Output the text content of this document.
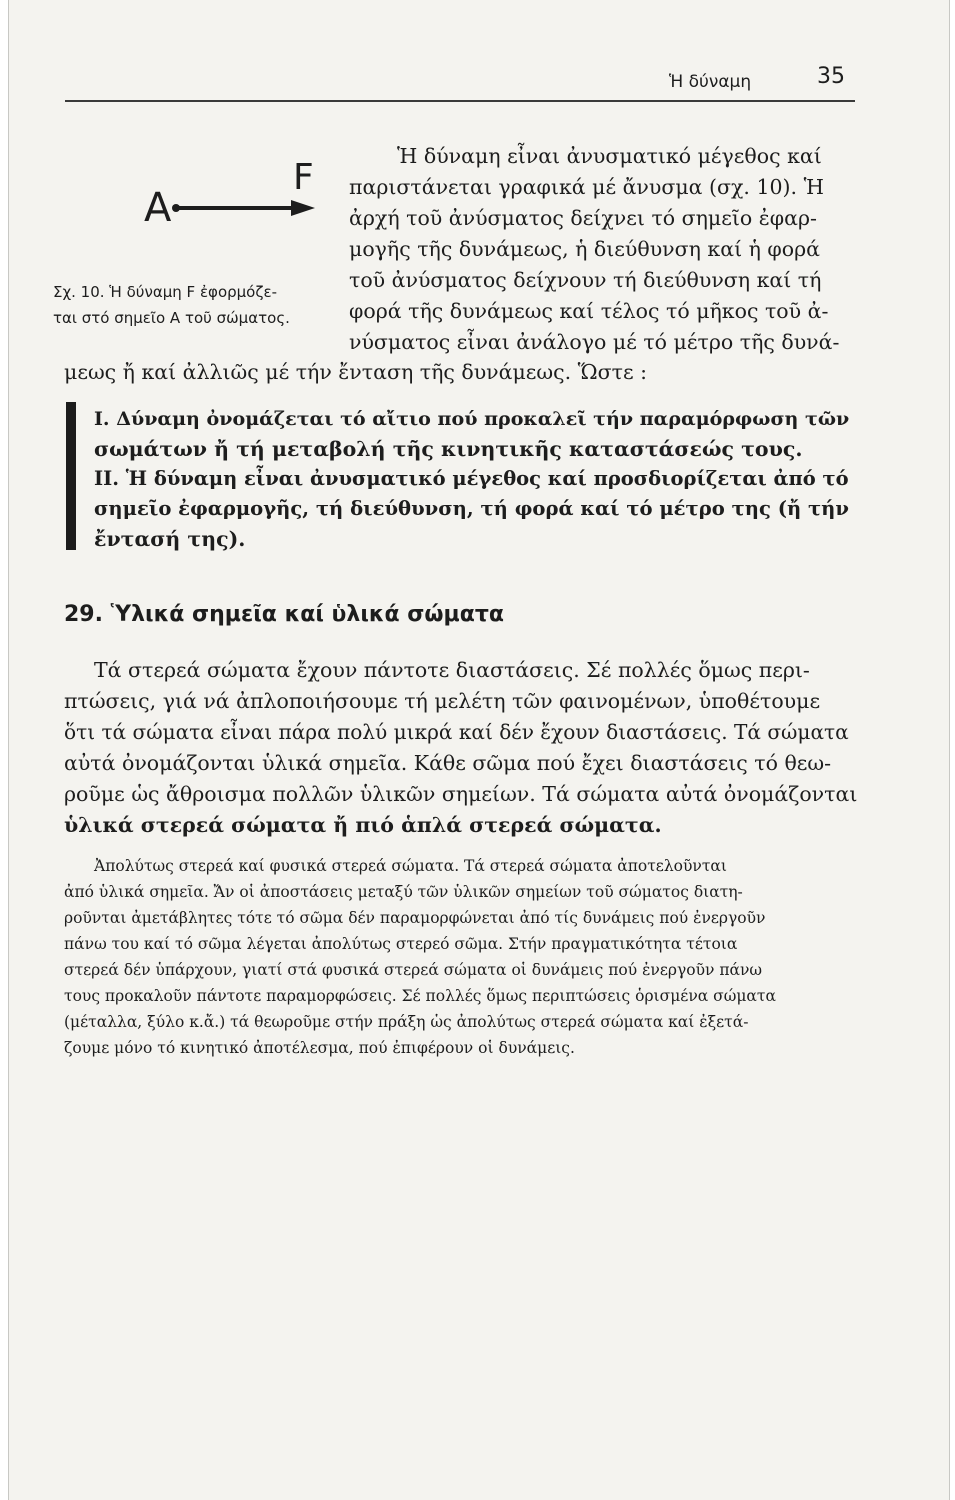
Ἡ δύναμη	35
A
F
Σχ. 10. Ἡ δύναμη F ἐφορμόζε-
ται στό σημεῖο Α τοῦ σώματος.
Ἡ δύναμη εἶναι ἀνυσματικό μέγεθος καί
παριστάνεται γραφικά μέ ἄνυσμα (σχ. 10). Ἡ
ἀρχή τοῦ ἀνύσματος δείχνει τό σημεῖο ἐφαρ-
μογῆς τῆς δυνάμεως, ἡ διεύθυνση καί ἡ φορά
τοῦ ἀνύσματος δείχνουν τή διεύθυνση καί τή
φορά τῆς δυνάμεως καί τέλος τό μῆκος τοῦ ἀ-
νύσματος εἶναι ἀνάλογο μέ τό μέτρο τῆς δυνά-
μεως ἤ καί ἀλλιῶς μέ τήν ἔνταση τῆς δυνάμεως. Ὥστε :
I. Δύναμη ὀνομάζεται τό αἴτιο πού προκαλεῖ τήν παραμόρφωση τῶν
σωμάτων ἤ τή μεταβολή τῆς κινητικῆς καταστάσεώς τους.
II. Ἡ δύναμη εἶναι ἀνυσματικό μέγεθος καί προσδιορίζεται ἀπό τό
σημεῖο ἐφαρμογῆς, τή διεύθυνση, τή φορά καί τό μέτρο της (ἤ τήν
ἔντασή της).
29. Ὑλικά σημεῖα καί ὑλικά σώματα
Τά στερεά σώματα ἔχουν πάντοτε διαστάσεις. Σέ πολλές ὅμως περι-
πτώσεις, γιά νά ἀπλοποιήσουμε τή μελέτη τῶν φαινομένων, ὑποθέτουμε
ὅτι τά σώματα εἶναι πάρα πολύ μικρά καί δέν ἔχουν διαστάσεις. Τά σώματα
αὐτά ὀνομάζονται ὑλικά σημεῖα. Κάθε σῶμα πού ἔχει διαστάσεις τό θεω-
ροῦμε ὡς ἄθροισμα πολλῶν ὑλικῶν σημείων. Τά σώματα αὐτά ὀνομάζονται
ὑλικά στερεά σώματα ἤ πιό ἁπλά στερεά σώματα.
Ἀπολύτως στερεά καί φυσικά στερεά σώματα. Τά στερεά σώματα ἀποτελοῦνται
ἀπό ὑλικά σημεῖα. Ἄν οἱ ἀποστάσεις μεταξύ τῶν ὑλικῶν σημείων τοῦ σώματος διατη-
ροῦνται ἀμετάβλητες τότε τό σῶμα δέν παραμορφώνεται ἀπό τίς δυνάμεις πού ἐνεργοῦν
πάνω του καί τό σῶμα λέγεται ἀπολύτως στερεό σῶμα. Στήν πραγματικότητα τέτοια
στερεά δέν ὑπάρχουν, γιατί στά φυσικά στερεά σώματα οἱ δυνάμεις πού ἐνεργοῦν πάνω
τους προκαλοῦν πάντοτε παραμορφώσεις. Σέ πολλές ὅμως περιπτώσεις ὁρισμένα σώματα
(μέταλλα, ξύλο κ.ἄ.) τά θεωροῦμε στήν πράξη ὡς ἀπολύτως στερεά σώματα καί ἐξετά-
ζουμε μόνο τό κινητικό ἀποτέλεσμα, πού ἐπιφέρουν οἱ δυνάμεις.
